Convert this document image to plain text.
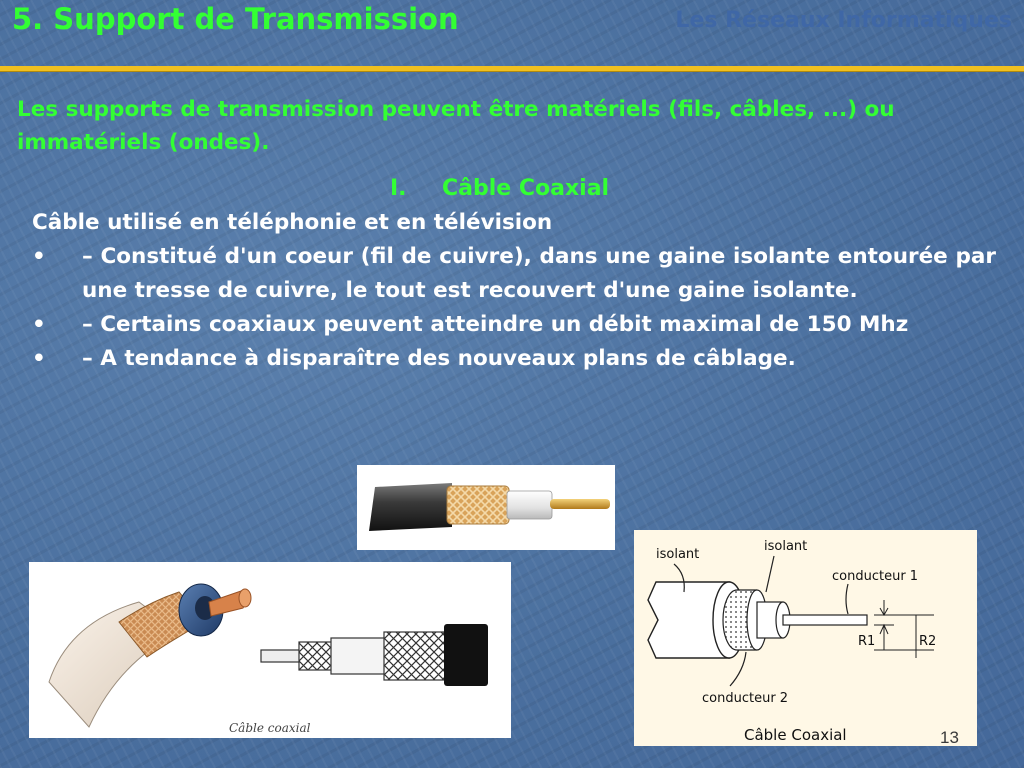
5. Support de Transmission	Les Réseaux Informatiques
Les supports de transmission peuvent être matériels (fils, câbles, ...) ou immatériels (ondes).
I. Câble Coaxial

Câble utilisé en téléphonie et en télévision

• – Constitué d'un coeur (fil de cuivre), dans une gaine isolante entourée par une tresse de cuivre, le tout est recouvert d'une gaine isolante.
• – Certains coaxiaux peuvent atteindre un débit maximal de 150 Mhz
• – A tendance à disparaître des nouveaux plans de câblage.
Câble coaxial
isolant
isolant
conducteur 1
R1	R2
conducteur 2
Câble Coaxial	13
